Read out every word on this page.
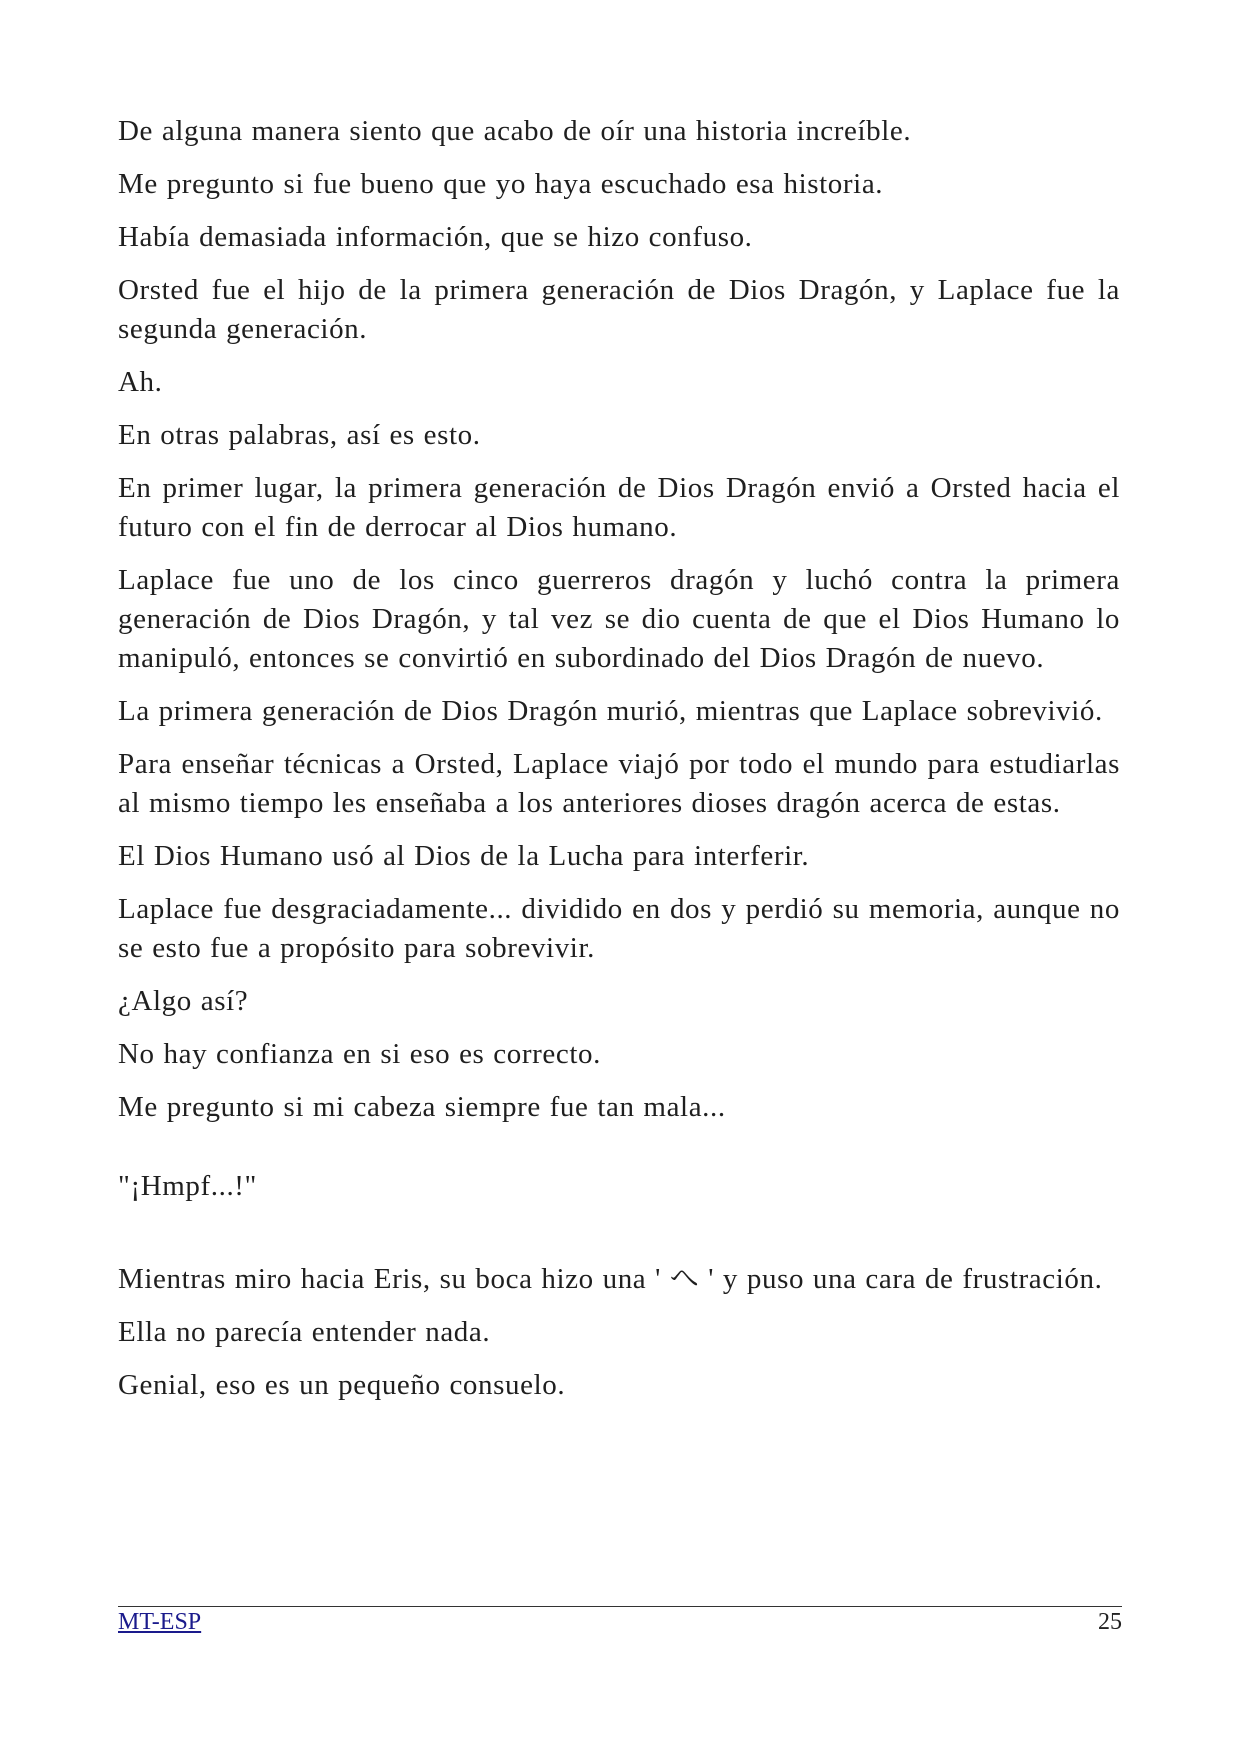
De alguna manera siento que acabo de oír una historia increíble.

Me pregunto si fue bueno que yo haya escuchado esa historia.

Había demasiada información, que se hizo confuso.

Orsted fue el hijo de la primera generación de Dios Dragón, y Laplace fue la segunda generación.

Ah.

En otras palabras, así es esto.

En primer lugar, la primera generación de Dios Dragón envió a Orsted hacia el futuro con el fin de derrocar al Dios humano.

Laplace fue uno de los cinco guerreros dragón y luchó contra la primera generación de Dios Dragón, y tal vez se dio cuenta de que el Dios Humano lo manipuló, entonces se convirtió en subordinado del Dios Dragón de nuevo.

La primera generación de Dios Dragón murió, mientras que Laplace sobrevivió.

Para enseñar técnicas a Orsted, Laplace viajó por todo el mundo para estudiarlas al mismo tiempo les enseñaba a los anteriores dioses dragón acerca de estas.

El Dios Humano usó al Dios de la Lucha para interferir.

Laplace fue desgraciadamente... dividido en dos y perdió su memoria, aunque no se esto fue a propósito para sobrevivir.

¿Algo así?

No hay confianza en si eso es correcto.

Me pregunto si mi cabeza siempre fue tan mala...

"¡Hmpf...!"

Mientras miro hacia Eris, su boca hizo una ' へ ' y puso una cara de frustración.

Ella no parecía entender nada.

Genial, eso es un pequeño consuelo.

MT-ESP	25
